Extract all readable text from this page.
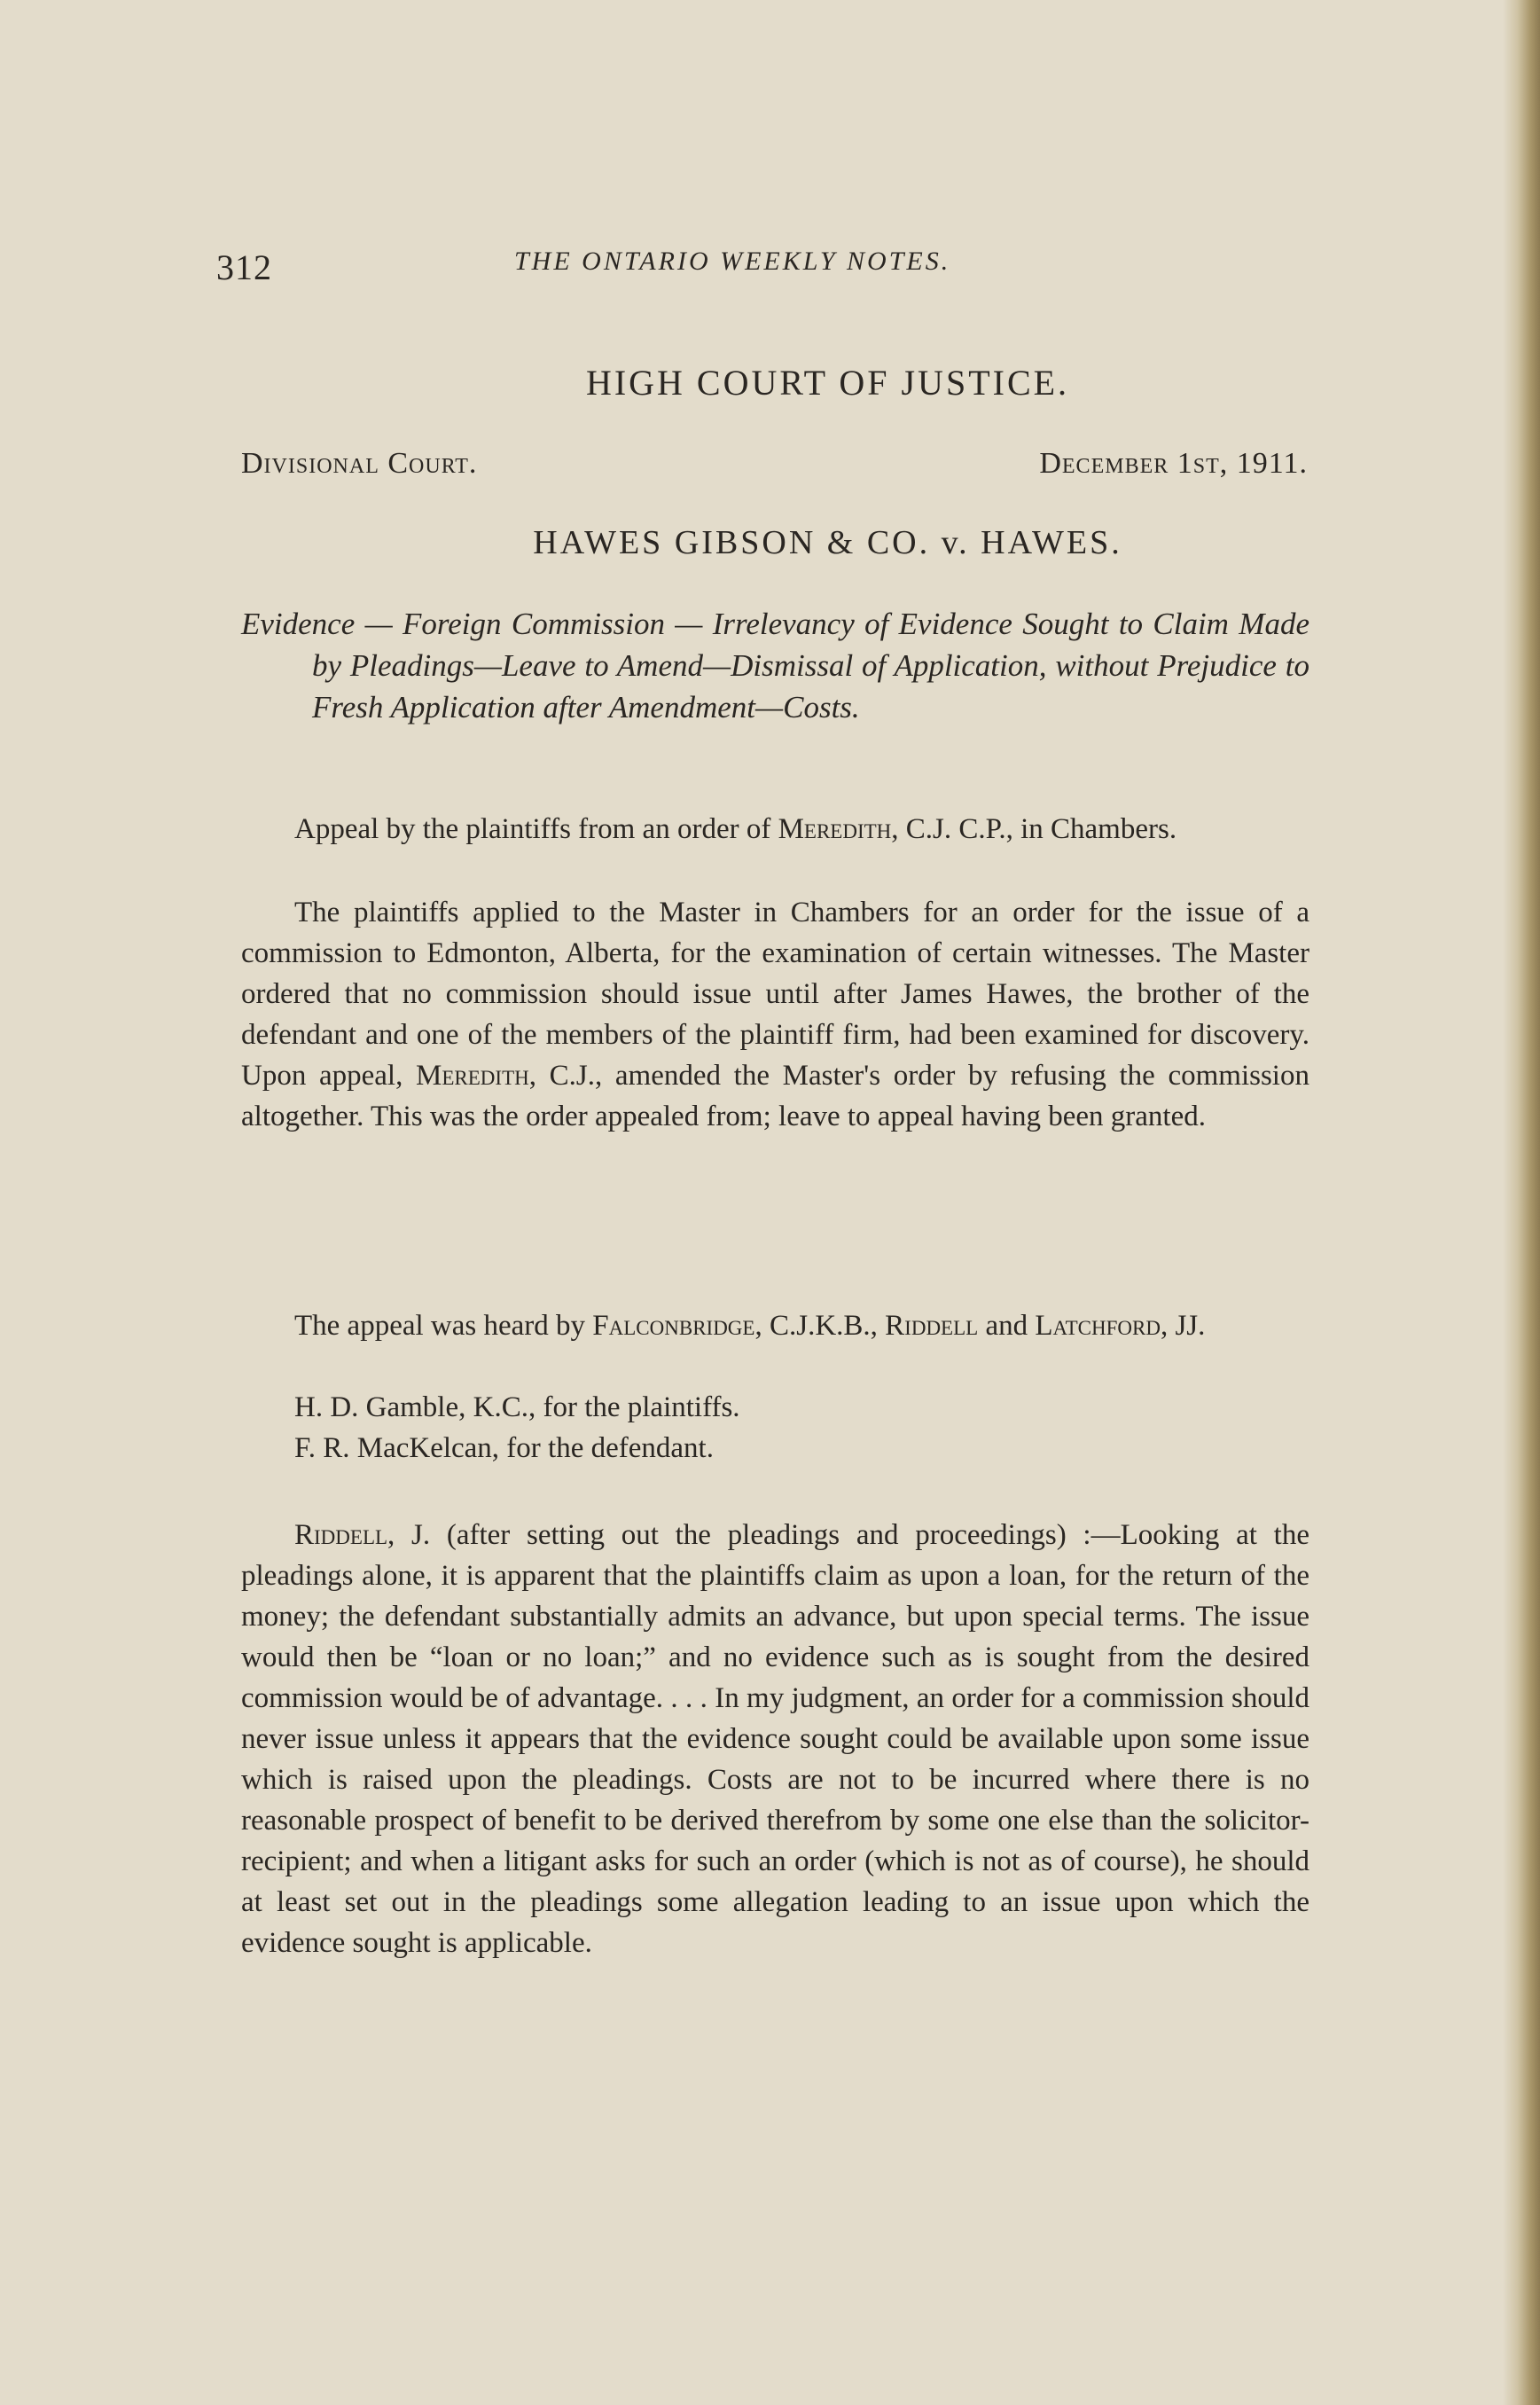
312	THE ONTARIO WEEKLY NOTES.
HIGH COURT OF JUSTICE.
Divisional Court.	December 1st, 1911.
HAWES GIBSON & CO. v. HAWES.
Evidence — Foreign Commission — Irrelevancy of Evidence Sought to Claim Made by Pleadings—Leave to Amend—Dismissal of Application, without Prejudice to Fresh Application after Amendment—Costs.

Appeal by the plaintiffs from an order of Meredith, C.J. C.P., in Chambers.

The plaintiffs applied to the Master in Chambers for an order for the issue of a commission to Edmonton, Alberta, for the examination of certain witnesses. The Master ordered that no commission should issue until after James Hawes, the brother of the defendant and one of the members of the plaintiff firm, had been examined for discovery. Upon appeal, Meredith, C.J., amended the Master's order by refusing the commission altogether. This was the order appealed from; leave to appeal having been granted.

The appeal was heard by Falconbridge, C.J.K.B., Riddell and Latchford, JJ.

H. D. Gamble, K.C., for the plaintiffs.

F. R. MacKelcan, for the defendant.

Riddell, J. (after setting out the pleadings and proceedings) :—Looking at the pleadings alone, it is apparent that the plaintiffs claim as upon a loan, for the return of the money; the defendant substantially admits an advance, but upon special terms. The issue would then be “loan or no loan;” and no evidence such as is sought from the desired commission would be of advantage. . . . In my judgment, an order for a commission should never issue unless it appears that the evidence sought could be available upon some issue which is raised upon the pleadings. Costs are not to be incurred where there is no reasonable prospect of benefit to be derived therefrom by some one else than the solicitor-recipient; and when a litigant asks for such an order (which is not as of course), he should at least set out in the pleadings some allegation leading to an issue upon which the evidence sought is applicable.
